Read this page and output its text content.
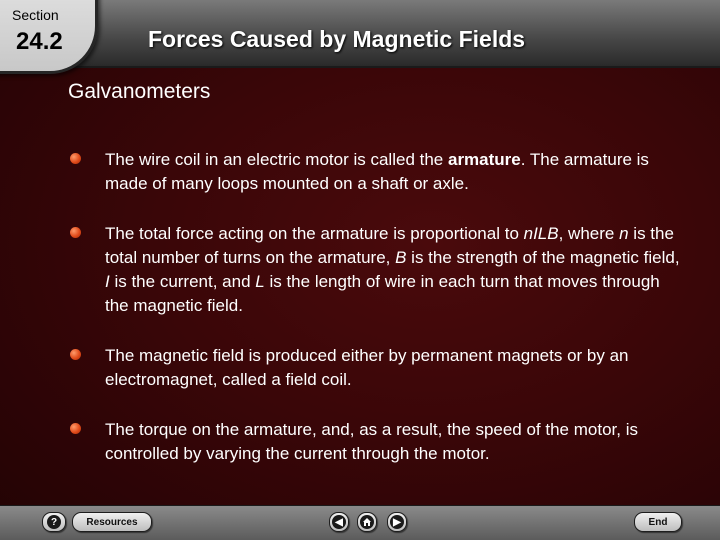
Section
24.2	Forces Caused by Magnetic Fields
Galvanometers
The wire coil in an electric motor is called the armature. The armature is made of many loops mounted on a shaft or axle.
The total force acting on the armature is proportional to nILB, where n is the total number of turns on the armature, B is the strength of the magnetic field, I is the current, and L is the length of wire in each turn that moves through the magnetic field.
The magnetic field is produced either by permanent magnets or by an electromagnet, called a field coil.
The torque on the armature, and, as a result, the speed of the motor, is controlled by varying the current through the motor.
?	Resources	◀	▶	End
